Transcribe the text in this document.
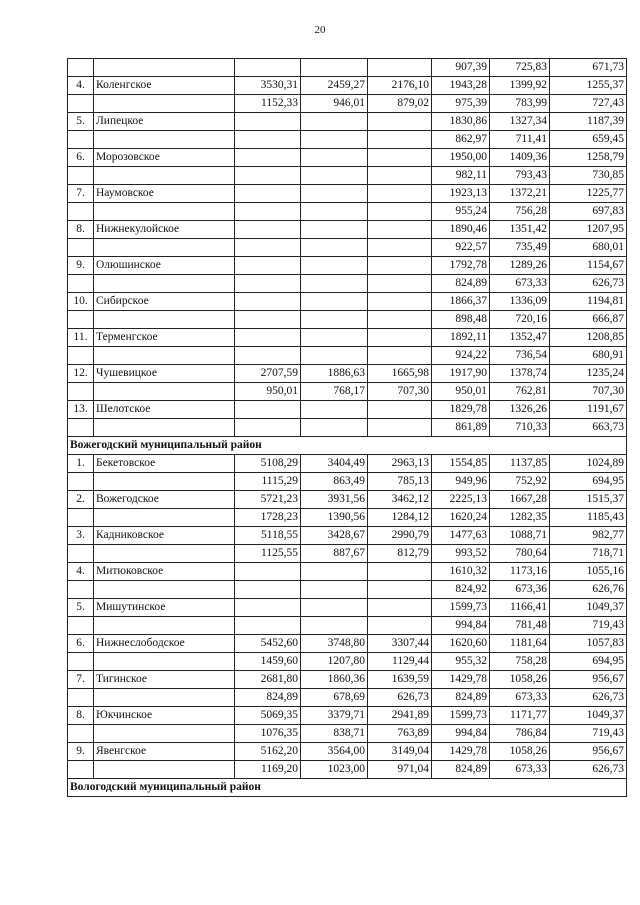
20
					907,39	725,83	671,73
4.	Коленгское	3530,31	2459,27	2176,10	1943,28	1399,92	1255,37
		1152,33	946,01	879,02	975,39	783,99	727,43
5.	Липецкое				1830,86	1327,34	1187,39
					862,97	711,41	659,45
6.	Морозовское				1950,00	1409,36	1258,79
					982,11	793,43	730,85
7.	Наумовское				1923,13	1372,21	1225,77
					955,24	756,28	697,83
8.	Нижнекулойское				1890,46	1351,42	1207,95
					922,57	735,49	680,01
9.	Олюшинское				1792,78	1289,26	1154,67
					824,89	673,33	626,73
10.	Сибирское				1866,37	1336,09	1194,81
					898,48	720,16	666,87
11.	Терменгское				1892,11	1352,47	1208,85
					924,22	736,54	680,91
12.	Чушевицкое	2707,59	1886,63	1665,98	1917,90	1378,74	1235,24
		950,01	768,17	707,30	950,01	762,81	707,30
13.	Шелотское				1829,78	1326,26	1191,67
					861,89	710,33	663,73
Вожегодский муниципальный район							
1.	Бекетовское	5108,29	3404,49	2963,13	1554,85	1137,85	1024,89
		1115,29	863,49	785,13	949,96	752,92	694,95
2.	Вожегодское	5721,23	3931,56	3462,12	2225,13	1667,28	1515,37
		1728,23	1390,56	1284,12	1620,24	1282,35	1185,43
3.	Кадниковское	5118,55	3428,67	2990,79	1477,63	1088,71	982,77
		1125,55	887,67	812,79	993,52	780,64	718,71
4.	Митюковское				1610,32	1173,16	1055,16
					824,92	673,36	626,76
5.	Мишутинское				1599,73	1166,41	1049,37
					994,84	781,48	719,43
6.	Нижнеслободское	5452,60	3748,80	3307,44	1620,60	1181,64	1057,83
		1459,60	1207,80	1129,44	955,32	758,28	694,95
7.	Тигинское	2681,80	1860,36	1639,59	1429,78	1058,26	956,67
		824,89	678,69	626,73	824,89	673,33	626,73
8.	Юкчинское	5069,35	3379,71	2941,89	1599,73	1171,77	1049,37
		1076,35	838,71	763,89	994,84	786,84	719,43
9.	Явенгское	5162,20	3564,00	3149,04	1429,78	1058,26	956,67
		1169,20	1023,00	971,04	824,89	673,33	626,73
Вологодский муниципальный район							
